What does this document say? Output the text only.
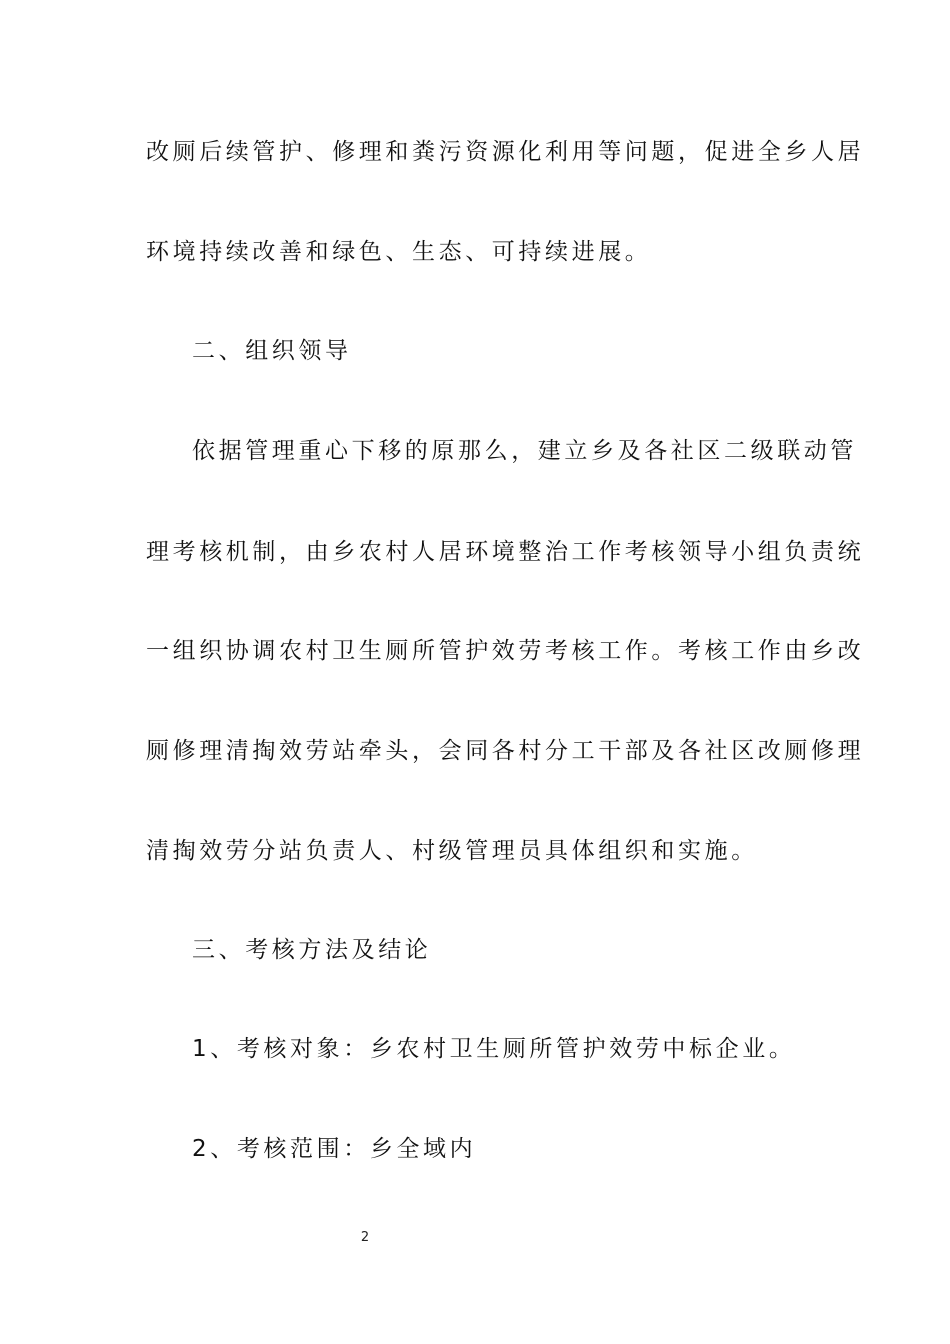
改厕后续管护、修理和粪污资源化利用等问题，促进全乡人居
环境持续改善和绿色、生态、可持续进展。
二、组织领导
依据管理重心下移的原那么，建立乡及各社区二级联动管
理考核机制，由乡农村人居环境整治工作考核领导小组负责统
一组织协调农村卫生厕所管护效劳考核工作。考核工作由乡改
厕修理清掏效劳站牵头，会同各村分工干部及各社区改厕修理
清掏效劳分站负责人、村级管理员具体组织和实施。
三、考核方法及结论
1、考核对象：乡农村卫生厕所管护效劳中标企业。
2、考核范围：乡全域内
2
